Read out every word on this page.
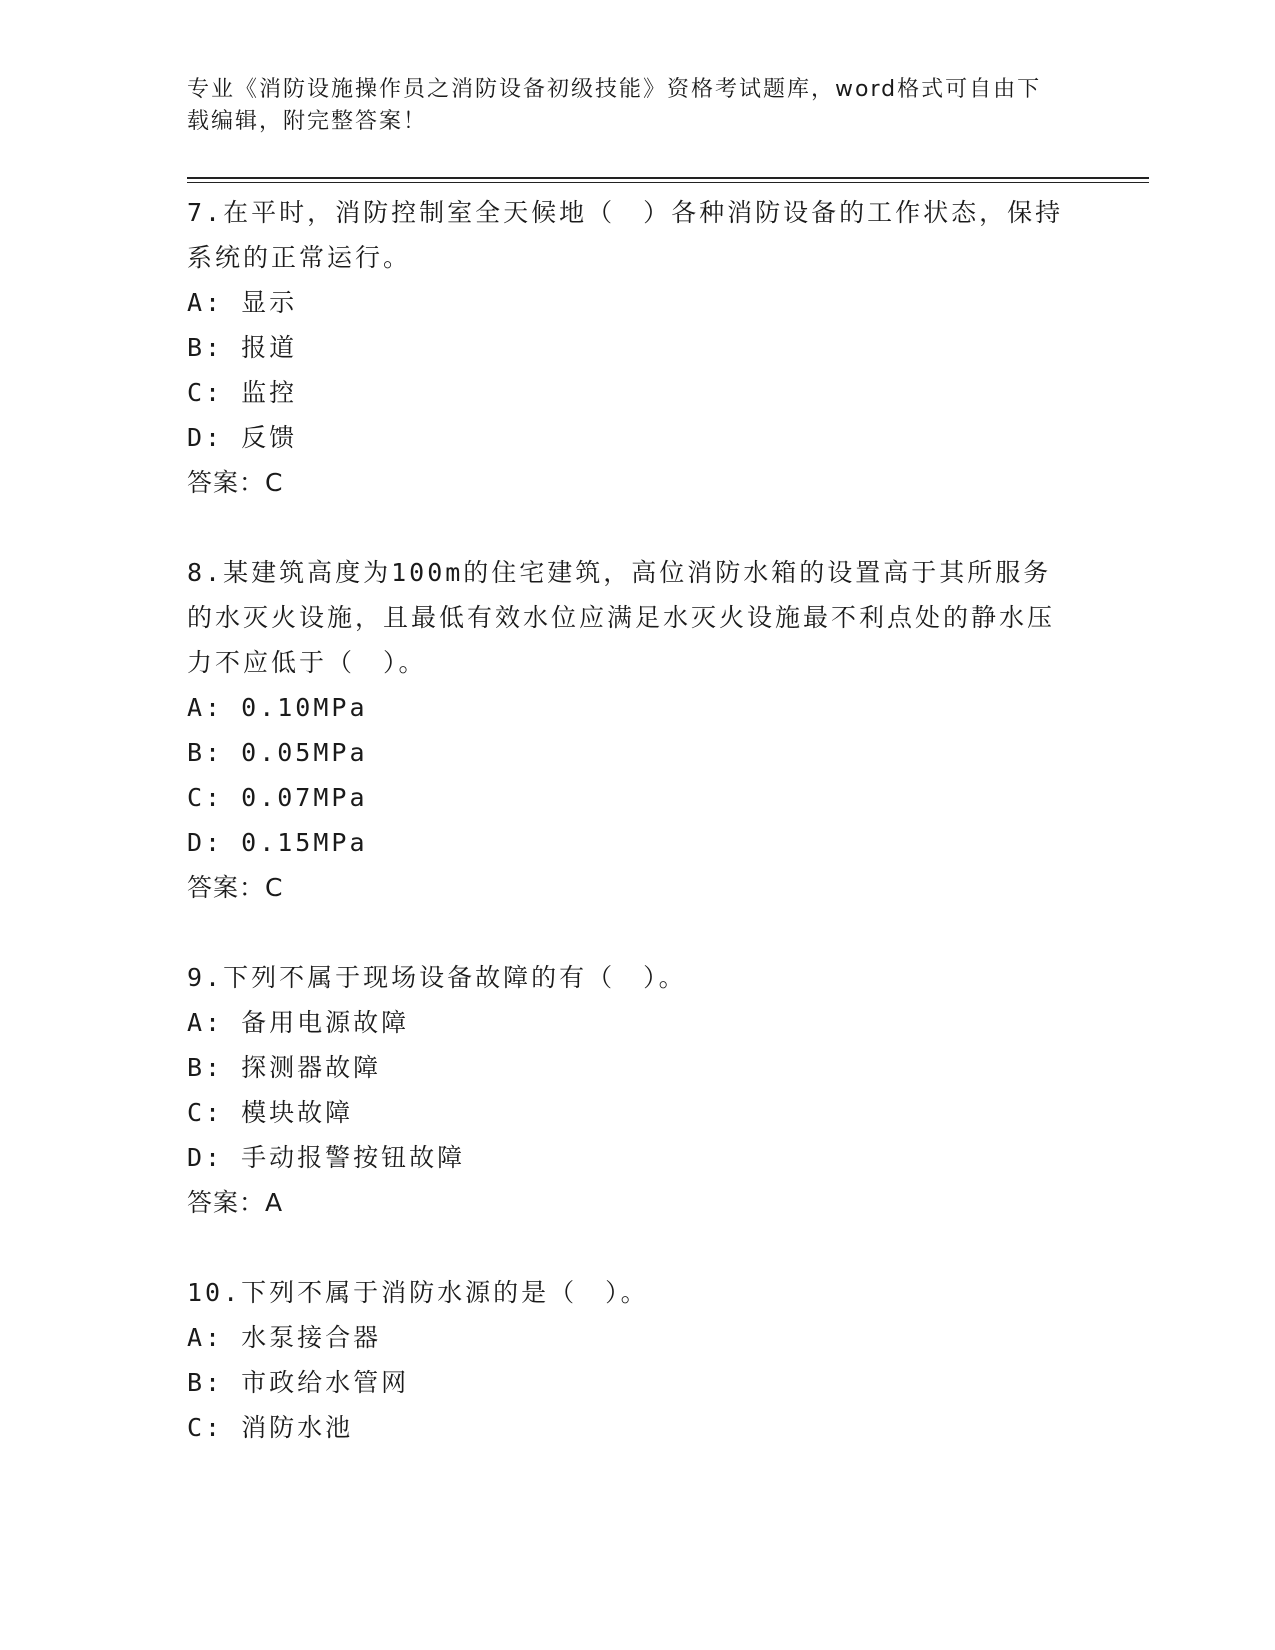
专业《消防设施操作员之消防设备初级技能》资格考试题库，word格式可自由下
载编辑，附完整答案！

7.在平时，消防控制室全天候地（　）各种消防设备的工作状态，保持系统的正常运行。

A: 显示

B: 报道

C: 监控

D: 反馈

答案：C

8.某建筑高度为100m的住宅建筑，高位消防水箱的设置高于其所服务的水灭火设施，且最低有效水位应满足水灭火设施最不利点处的静水压力不应低于（　）。

A: 0.10MPa

B: 0.05MPa

C: 0.07MPa

D: 0.15MPa

答案：C

9.下列不属于现场设备故障的有（　）。

A: 备用电源故障

B: 探测器故障

C: 模块故障

D: 手动报警按钮故障

答案：A

10.下列不属于消防水源的是（　）。

A: 水泵接合器

B: 市政给水管网

C: 消防水池
